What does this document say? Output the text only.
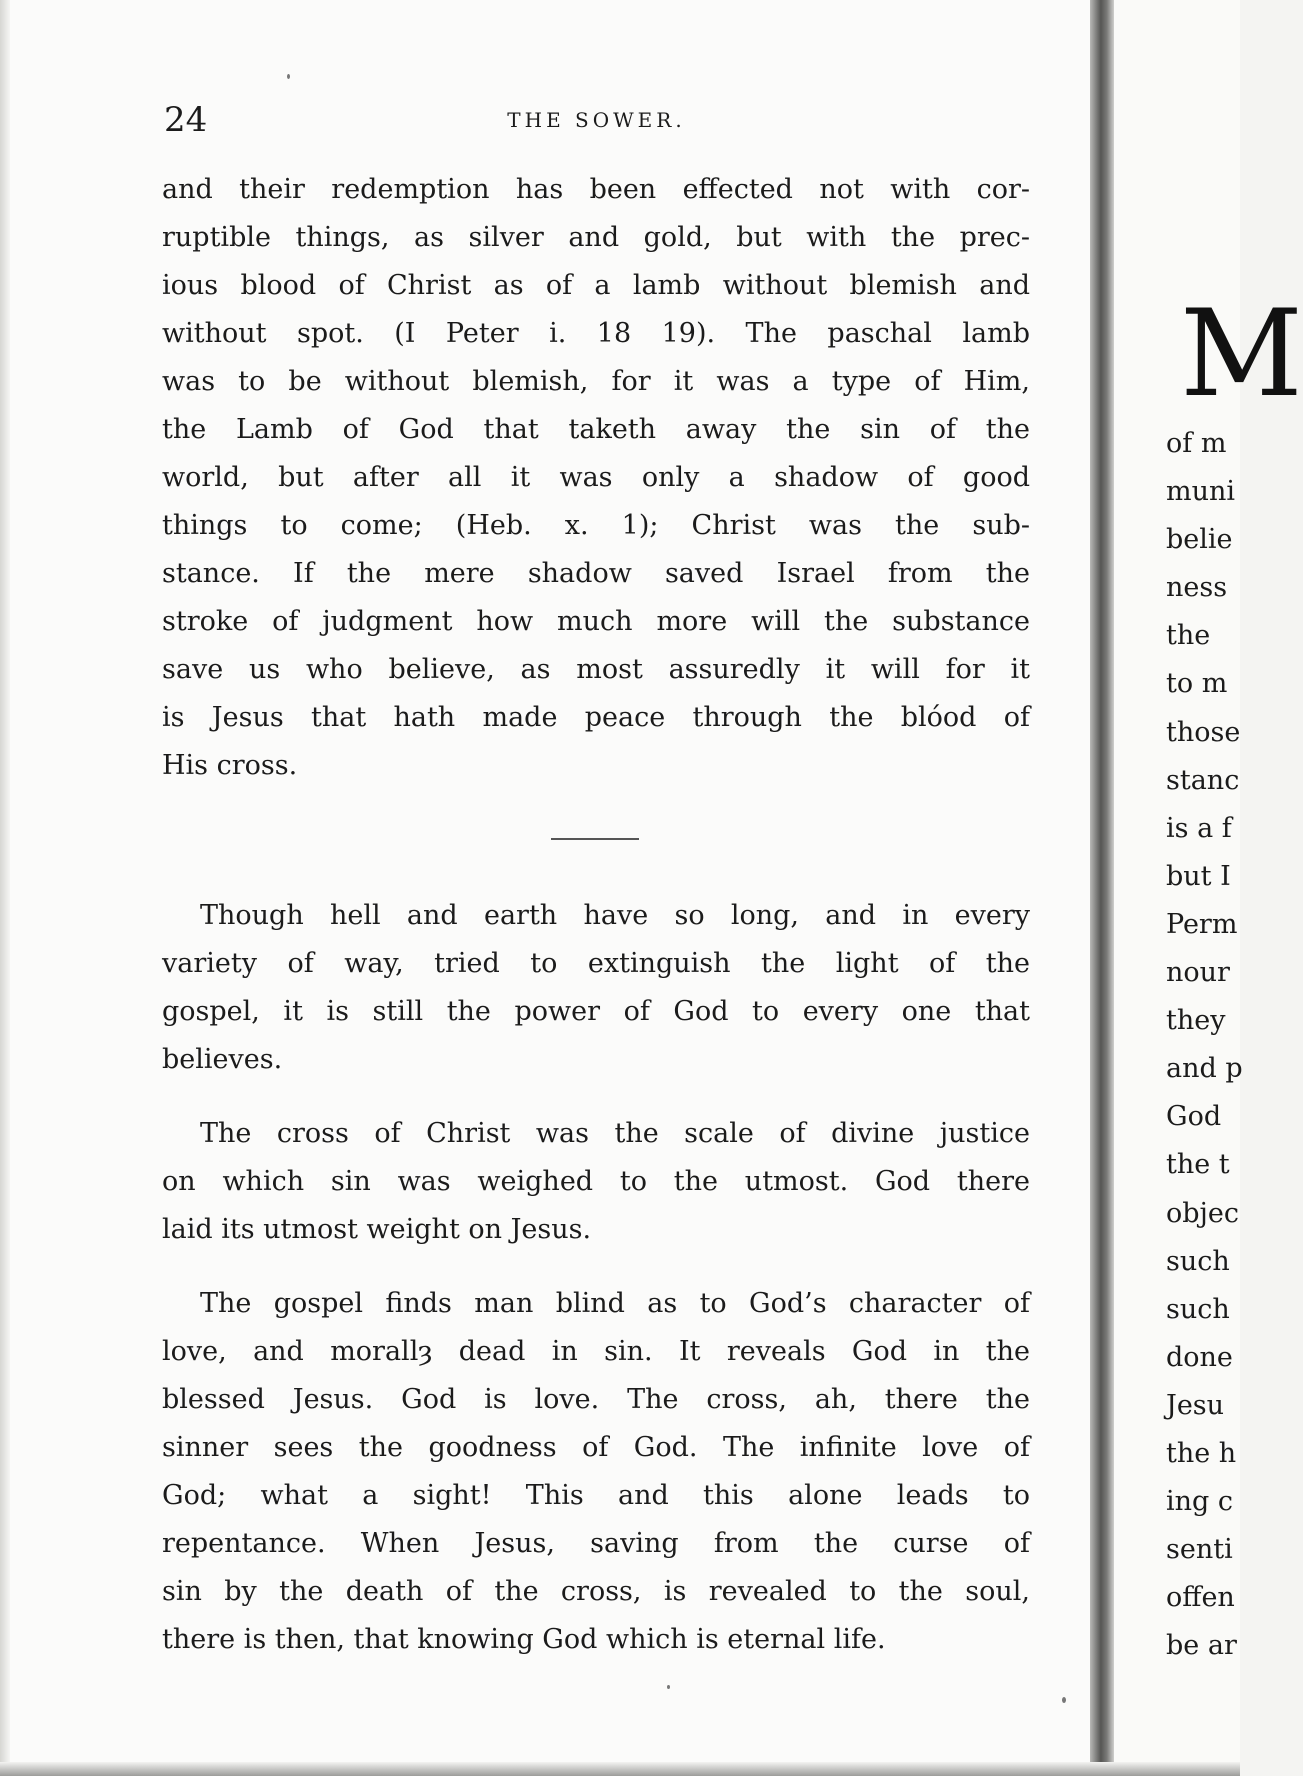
24	THE SOWER.
and their redemption has been effected not with cor-
ruptible things, as silver and gold, but with the prec-
ious blood of Christ as of a lamb without blemish and
without spot. (I Peter i. 18 19). The paschal lamb
was to be without blemish, for it was a type of Him,
the Lamb of God that taketh away the sin of the
world, but after all it was only a shadow of good
things to come; (Heb. x. 1); Christ was the sub-
stance. If the mere shadow saved Israel from the
stroke of judgment how much more will the substance
save us who believe, as most assuredly it will for it
is Jesus that hath made peace through the blóod of
His cross.
Though hell and earth have so long, and in every
variety of way, tried to extinguish the light of the
gospel, it is still the power of God to every one that
believes.
The cross of Christ was the scale of divine justice
on which sin was weighed to the utmost. God there
laid its utmost weight on Jesus.
The gospel finds man blind as to God’s character of
love, and morallȝ dead in sin. It reveals God in the
blessed Jesus. God is love. The cross, ah, there the
sinner sees the goodness of God. The infinite love of
God; what a sight! This and this alone leads to
repentance. When Jesus, saving from the curse of
sin by the death of the cross, is revealed to the soul,
there is then, that knowing God which is eternal life.
M
of m
muni
belie
ness
the
to m
those
stanc
is a f
but I
Perm
nour
they
and p
God
the t
objec
such
such
done
Jesu
the h
ing c
senti
offen
be ar
